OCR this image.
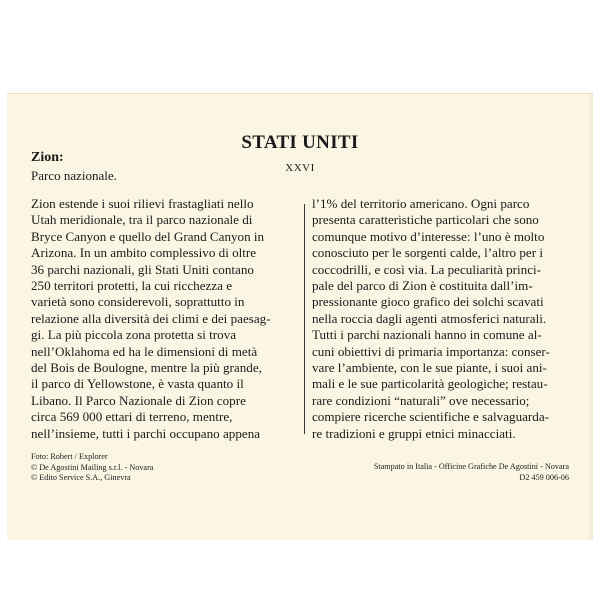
STATI UNITI
XXVI
Zion:
Parco nazionale.
Zion estende i suoi rilievi frastagliati nello
Utah meridionale, tra il parco nazionale di
Bryce Canyon e quello del Grand Canyon in
Arizona. In un ambito complessivo di oltre
36 parchi nazionali, gli Stati Uniti contano
250 territori protetti, la cui ricchezza e
varietà sono considerevoli, soprattutto in
relazione alla diversità dei climi e dei paesag-
gi. La più piccola zona protetta si trova
nell’Oklahoma ed ha le dimensioni di metà
del Bois de Boulogne, mentre la più grande,
il parco di Yellowstone, è vasta quanto il
Libano. Il Parco Nazionale di Zion copre
circa 569 000 ettari di terreno, mentre,
nell’insieme, tutti i parchi occupano appena
l’1% del territorio americano. Ogni parco
presenta caratteristiche particolari che sono
comunque motivo d’interesse: l’uno è molto
conosciuto per le sorgenti calde, l’altro per i
coccodrilli, e così via. La peculiarità princi-
pale del parco di Zion è costituita dall’im-
pressionante gioco grafico dei solchi scavati
nella roccia dagli agenti atmosferici naturali.
Tutti i parchi nazionali hanno in comune al-
cuni obiettivi di primaria importanza: conser-
vare l’ambiente, con le sue piante, i suoi ani-
mali e le sue particolarità geologiche; restau-
rare condizioni “naturali” ove necessario;
compiere ricerche scientifiche e salvaguarda-
re tradizioni e gruppi etnici minacciati.
Foto: Robert / Explorer
© De Agostini Mailing s.r.l. - Novara
© Edito Service S.A., Ginevra
Stampato in Italia - Officine Grafiche De Agostini - Novara
D2 459 006-06
